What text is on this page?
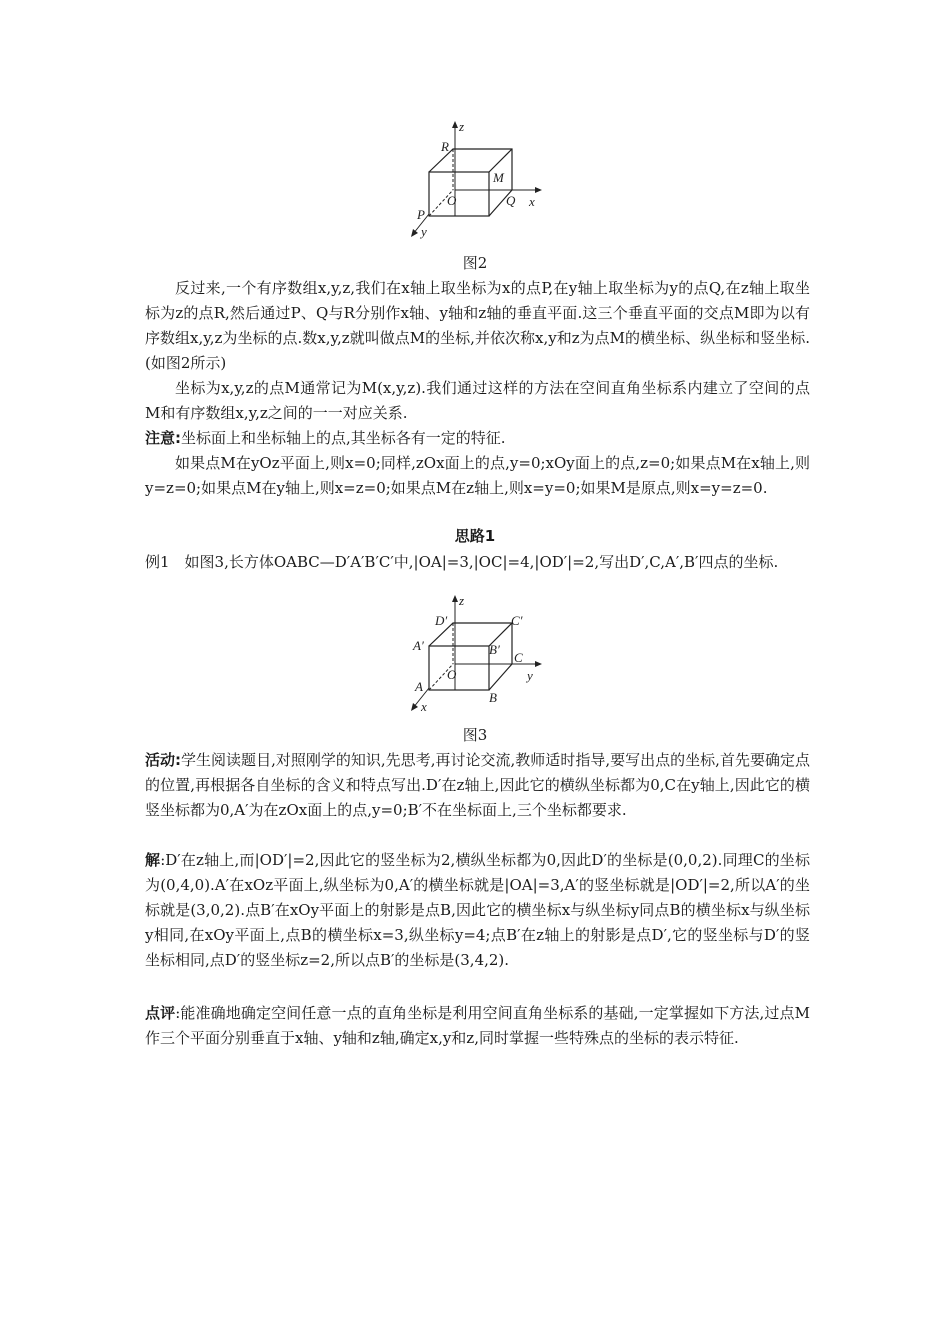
z
R
M
O	Q x
P
y
图2

反过来,一个有序数组x,y,z,我们在x轴上取坐标为x的点P,在y轴上取坐标为y的点Q,在z轴上取坐标为z的点R,然后通过P、Q与R分别作x轴、y轴和z轴的垂直平面.这三个垂直平面的交点M即为以有序数组x,y,z为坐标的点.数x,y,z就叫做点M的坐标,并依次称x,y和z为点M的横坐标、纵坐标和竖坐标.(如图2所示)

坐标为x,y,z的点M通常记为M(x,y,z).我们通过这样的方法在空间直角坐标系内建立了空间的点M和有序数组x,y,z之间的一一对应关系.

注意:坐标面上和坐标轴上的点,其坐标各有一定的特征.

如果点M在yOz平面上,则x=0;同样,zOx面上的点,y=0;xOy面上的点,z=0;如果点M在x轴上,则y=z=0;如果点M在y轴上,则x=z=0;如果点M在z轴上,则x=y=0;如果M是原点,则x=y=z=0.

思路1

例1　如图3,长方体OABC—D′A′B′C′中,|OA|=3,|OC|=4,|OD′|=2,写出D′,C,A′,B′四点的坐标.

z
D′	C′
A′	B′
C
O	y
A
B
x
图3

活动:学生阅读题目,对照刚学的知识,先思考,再讨论交流,教师适时指导,要写出点的坐标,首先要确定点的位置,再根据各自坐标的含义和特点写出.D′在z轴上,因此它的横纵坐标都为0,C在y轴上,因此它的横竖坐标都为0,A′为在zOx面上的点,y=0;B′不在坐标面上,三个坐标都要求.

解:D′在z轴上,而|OD′|=2,因此它的竖坐标为2,横纵坐标都为0,因此D′的坐标是(0,0,2).同理C的坐标为(0,4,0).A′在xOz平面上,纵坐标为0,A′的横坐标就是|OA|=3,A′的竖坐标就是|OD′|=2,所以A′的坐标就是(3,0,2).点B′在xOy平面上的射影是点B,因此它的横坐标x与纵坐标y同点B的横坐标x与纵坐标y相同,在xOy平面上,点B的横坐标x=3,纵坐标y=4;点B′在z轴上的射影是点D′,它的竖坐标与D′的竖坐标相同,点D′的竖坐标z=2,所以点B′的坐标是(3,4,2).

点评:能准确地确定空间任意一点的直角坐标是利用空间直角坐标系的基础,一定掌握如下方法,过点M作三个平面分别垂直于x轴、y轴和z轴,确定x,y和z,同时掌握一些特殊点的坐标的表示特征.
